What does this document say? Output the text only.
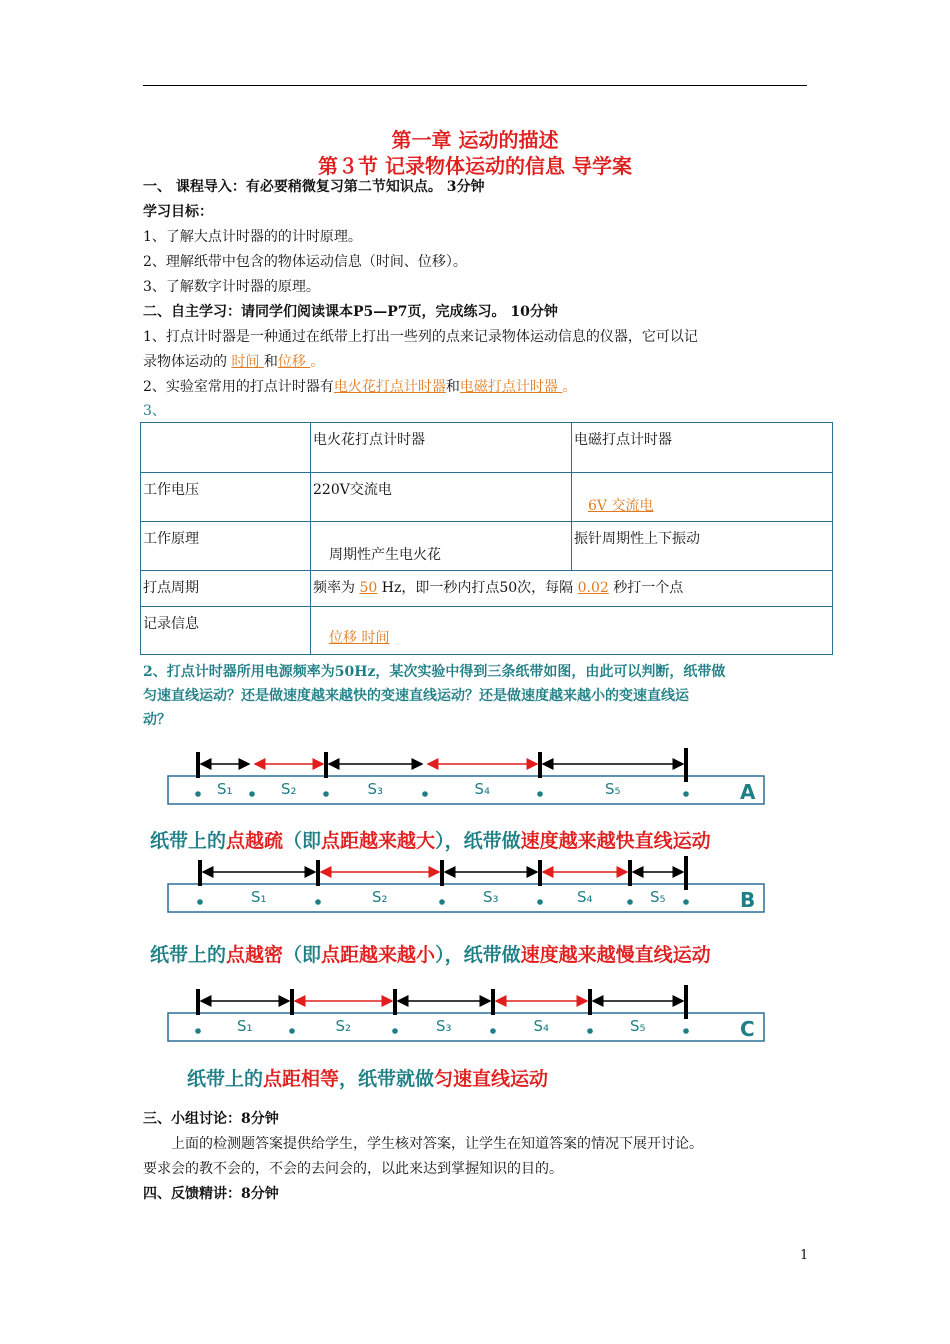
第一章 运动的描述
第３节 记录物体运动的信息 导学案
一、 课程导入：有必要稍微复习第二节知识点。 3分钟
学习目标：
1、了解大点计时器的的计时原理。
2、理解纸带中包含的物体运动信息（时间、位移）。
3、了解数字计时器的原理。
二、自主学习：请同学们阅读课本P5—P7页，完成练习。 10分钟
1、打点计时器是一种通过在纸带上打出一些列的点来记录物体运动信息的仪器，它可以记
录物体运动的 时间 和位移 。
2、实验室常用的打点计时器有电火花打点计时器和电磁打点计时器 。
3、
	电火花打点计时器	电磁打点计时器
工作电压	220V交流电	6V 交流电

工作原理	周期性产生电火花	振针周期性上下振动
打点周期	频率为 50 Hz，即一秒内打点50次，每隔 0.02 秒打一个点	
记录信息	位移 时间	
2、打点计时器所用电源频率为50Hz，某次实验中得到三条纸带如图，由此可以判断，纸带做
匀速直线运动？还是做速度越来越快的变速直线运动？还是做速度越来越小的变速直线运
动？
S₁	S₂	S₃	S₄	S₅	A
S₁	S₂	S₃	S₄	S₅	B
S₁	S₂	S₃	S₄	S₅	C
纸带上的点越疏（即点距越来越大），纸带做速度越来越快直线运动
纸带上的点越密（即点距越来越小），纸带做速度越来越慢直线运动
纸带上的点距相等，纸带就做匀速直线运动
三、小组讨论：8分钟
　　上面的检测题答案提供给学生，学生核对答案，让学生在知道答案的情况下展开讨论。
要求会的教不会的，不会的去问会的，以此来达到掌握知识的目的。
四、反馈精讲：8分钟
1
